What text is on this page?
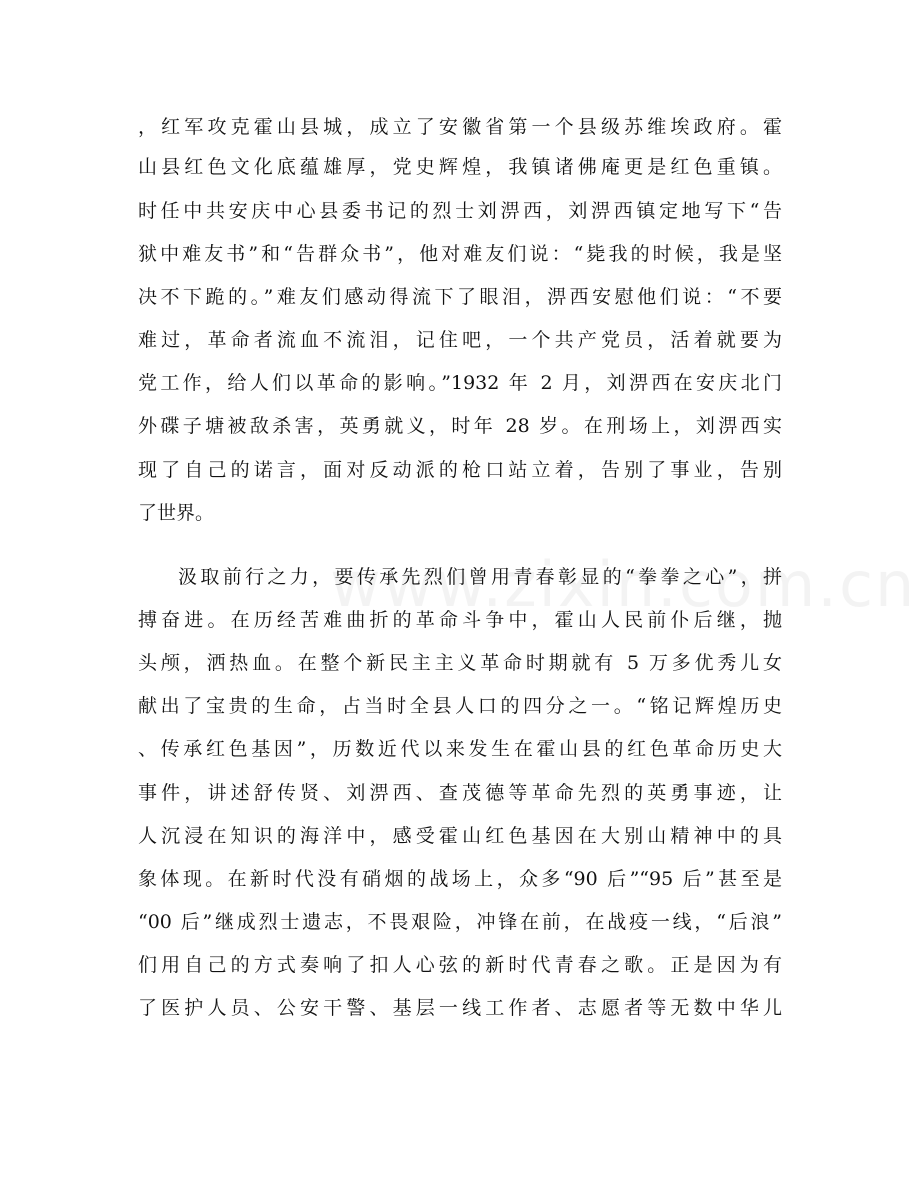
，红军攻克霍山县城，成立了安徽省第一个县级苏维埃政府。霍

山县红色文化底蕴雄厚，党史辉煌，我镇诸佛庵更是红色重镇。

时任中共安庆中心县委书记的烈士刘淠西，刘淠西镇定地写下“告

狱中难友书”和“告群众书”，他对难友们说：“毙我的时候，我是坚

决不下跪的。”难友们感动得流下了眼泪，淠西安慰他们说：“不要

难过，革命者流血不流泪，记住吧，一个共产党员，活着就要为

党工作，给人们以革命的影响。”1932 年 2 月，刘淠西在安庆北门

外碟子塘被敌杀害，英勇就义，时年 28 岁。在刑场上，刘淠西实

现了自己的诺言，面对反动派的枪口站立着，告别了事业，告别

了世界。

汲取前行之力，要传承先烈们曾用青春彰显的“拳拳之心”，拼

搏奋进。在历经苦难曲折的革命斗争中，霍山人民前仆后继，抛

头颅，洒热血。在整个新民主主义革命时期就有 5 万多优秀儿女

献出了宝贵的生命，占当时全县人口的四分之一。“铭记辉煌历史

、传承红色基因”，历数近代以来发生在霍山县的红色革命历史大

事件，讲述舒传贤、刘淠西、查茂德等革命先烈的英勇事迹，让

人沉浸在知识的海洋中，感受霍山红色基因在大别山精神中的具

象体现。在新时代没有硝烟的战场上，众多“90 后”“95 后”甚至是

“00 后”继成烈士遗志，不畏艰险，冲锋在前，在战疫一线，“后浪”

们用自己的方式奏响了扣人心弦的新时代青春之歌。正是因为有

了医护人员、公安干警、基层一线工作者、志愿者等无数中华儿
